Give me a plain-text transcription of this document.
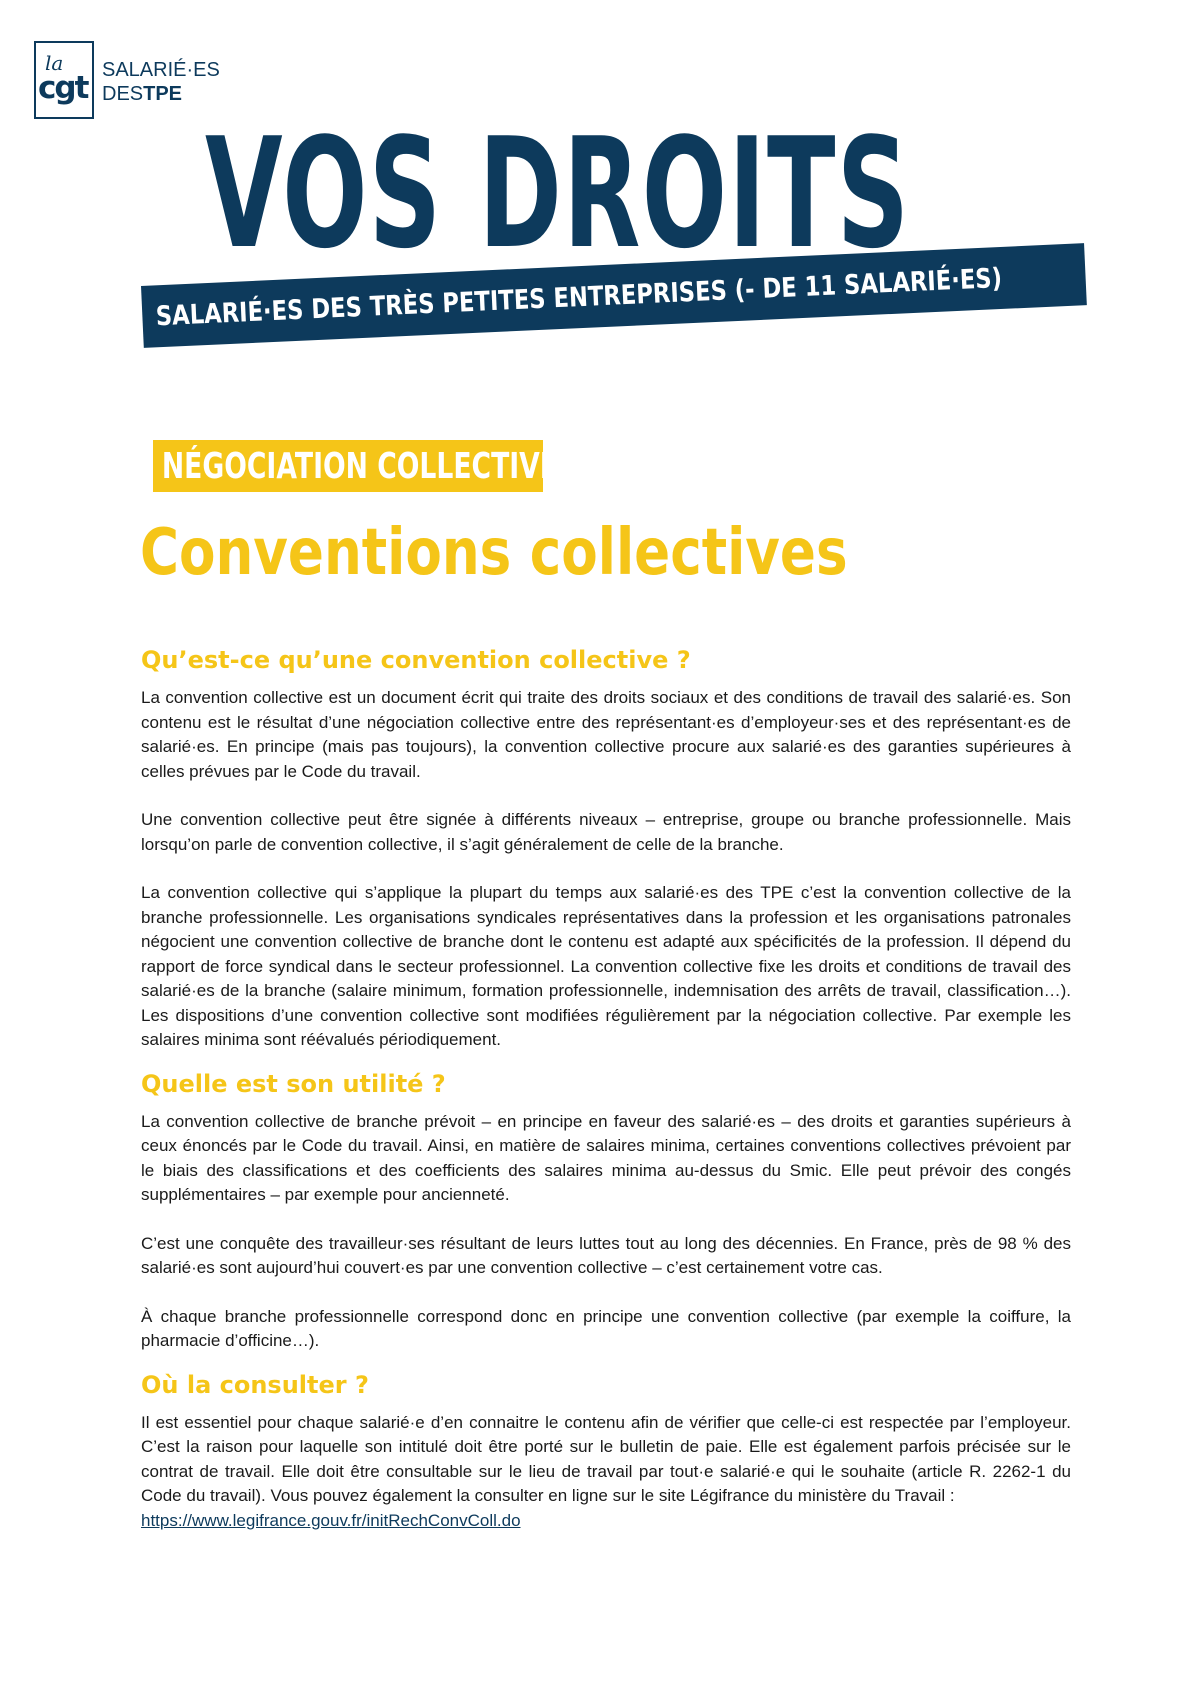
la
cgt SALARIÉ·ES
DESTPE
VOS DROITS
SALARIÉ·ES DES TRÈS PETITES ENTREPRISES (- DE 11 SALARIÉ·ES)
NÉGOCIATION COLLECTIVE
Conventions collectives
Qu’est-ce qu’une convention collective ?

La convention collective est un document écrit qui traite des droits sociaux et des conditions de travail des salarié·es. Son contenu est le résultat d’une négociation collective entre des représentant·es d’employeur·ses et des représentant·es de salarié·es. En principe (mais pas toujours), la convention collective procure aux salarié·es des garanties supérieures à celles prévues par le Code du travail.

Une convention collective peut être signée à différents niveaux – entreprise, groupe ou branche professionnelle. Mais lorsqu’on parle de convention collective, il s’agit généralement de celle de la branche.

La convention collective qui s’applique la plupart du temps aux salarié·es des TPE c’est la convention collective de la branche professionnelle. Les organisations syndicales représentatives dans la profession et les organisations patronales négocient une convention collective de branche dont le contenu est adapté aux spécificités de la profession. Il dépend du rapport de force syndical dans le secteur professionnel. La convention collective fixe les droits et conditions de travail des salarié·es de la branche (salaire minimum, formation professionnelle, indemnisation des arrêts de travail, classification…). Les dispositions d’une convention collective sont modifiées régulièrement par la négociation collective. Par exemple les salaires minima sont réévalués périodiquement.

Quelle est son utilité ?

La convention collective de branche prévoit – en principe en faveur des salarié·es – des droits et garanties supérieurs à ceux énoncés par le Code du travail. Ainsi, en matière de salaires minima, certaines conventions collectives prévoient par le biais des classifications et des coefficients des salaires minima au-dessus du Smic. Elle peut prévoir des congés supplémentaires – par exemple pour ancienneté.

C’est une conquête des travailleur·ses résultant de leurs luttes tout au long des décennies. En France, près de 98 % des salarié·es sont aujourd’hui couvert·es par une convention collective – c’est certainement votre cas.

À chaque branche professionnelle correspond donc en principe une convention collective (par exemple la coiffure, la pharmacie d’officine…).

Où la consulter ?

Il est essentiel pour chaque salarié·e d’en connaitre le contenu afin de vérifier que celle-ci est respectée par l’employeur. C’est la raison pour laquelle son intitulé doit être porté sur le bulletin de paie. Elle est également parfois précisée sur le contrat de travail. Elle doit être consultable sur le lieu de travail par tout·e salarié·e qui le souhaite (article R. 2262-1 du Code du travail). Vous pouvez également la consulter en ligne sur le site Légifrance du ministère du Travail :
https://www.legifrance.gouv.fr/initRechConvColl.do
